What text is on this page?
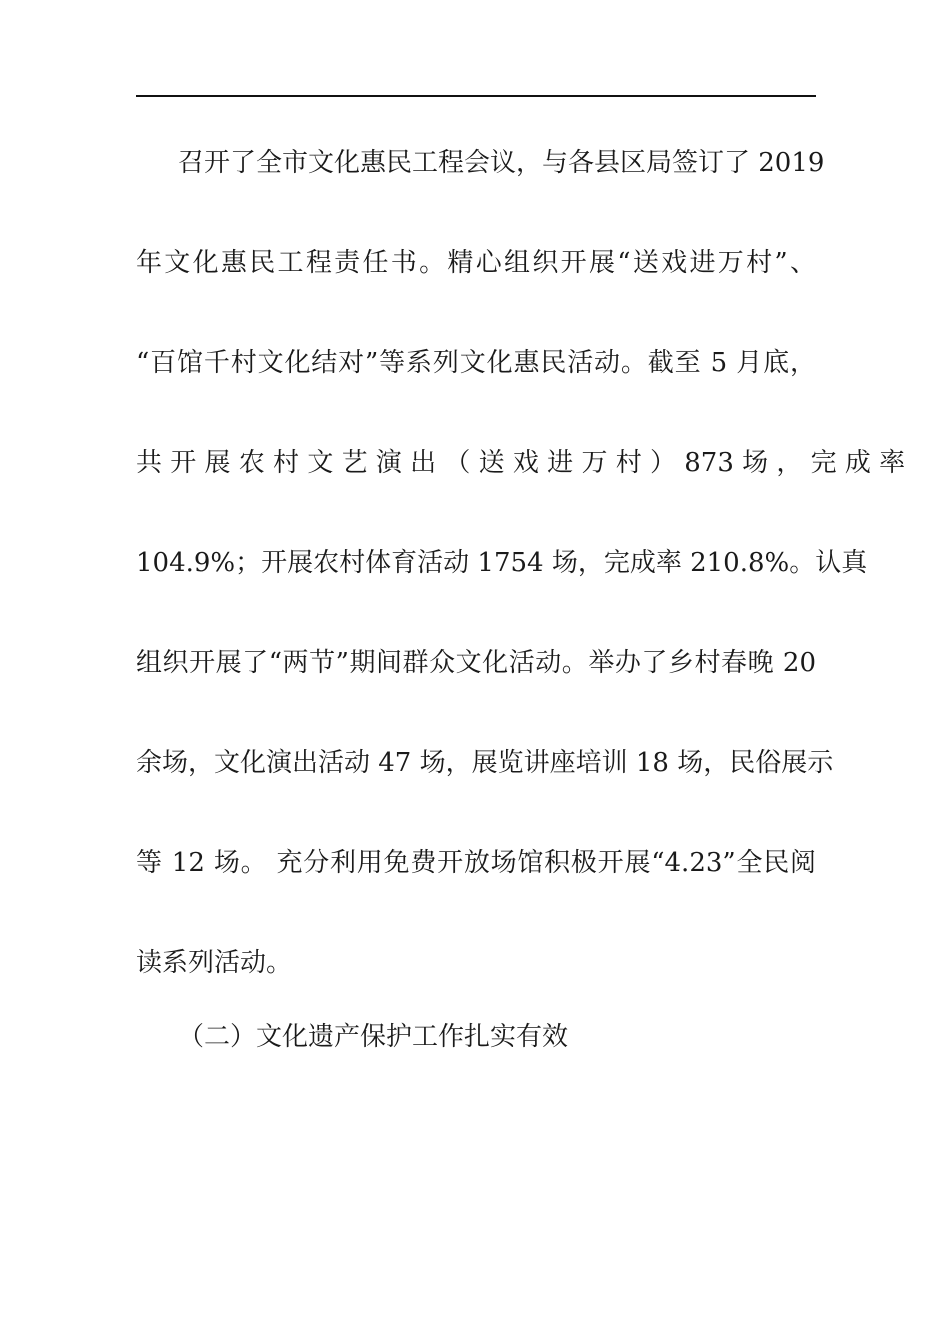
召开了全市文化惠民工程会议，与各县区局签订了 2019
年文化惠民工程责任书。精心组织开展“送戏进万村”、
“百馆千村文化结对”等系列文化惠民活动。截至 5 月底，
共 开 展 农 村 文 艺 演 出 （ 送 戏 进 万 村 ） 873 场 ， 完 成 率
104.9%；开展农村体育活动 1754 场，完成率 210.8%。认真
组织开展了“两节”期间群众文化活动。举办了乡村春晚 20
余场，文化演出活动 47 场，展览讲座培训 18 场，民俗展示
等 12 场。 充分利用免费开放场馆积极开展“4.23”全民阅
读系列活动。
（二）文化遗产保护工作扎实有效
